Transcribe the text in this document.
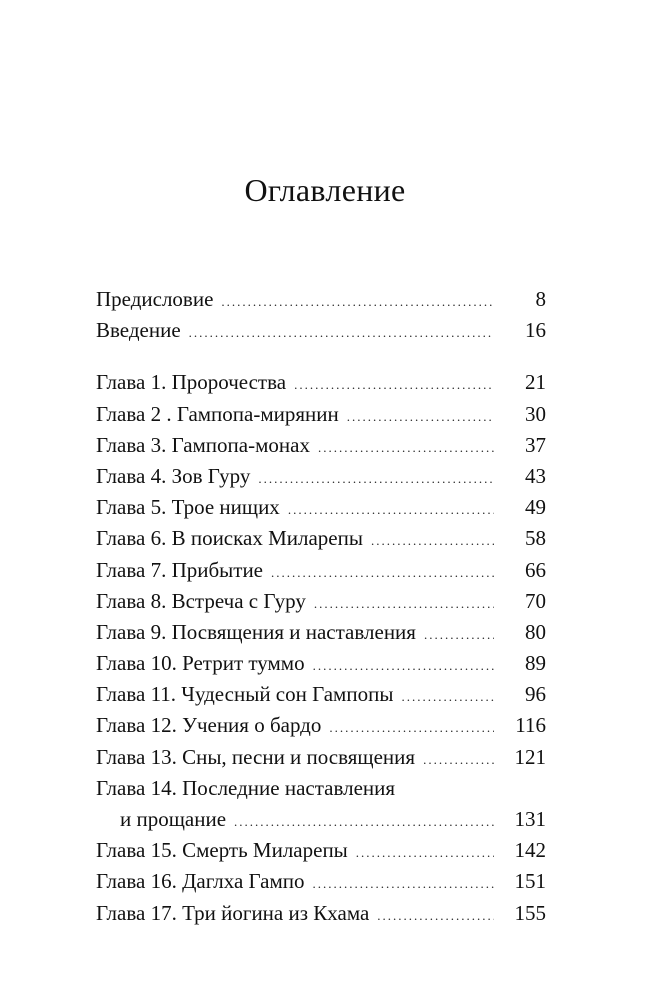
Оглавление
Предисловие .....	8
Введение .....	16
Глава 1. Пророчества .....	21
Глава 2 . Гампопа-мирянин .....	30
Глава 3. Гампопа-монах .....	37
Глава 4. Зов Гуру .....	43
Глава 5. Трое нищих .....	49
Глава 6. В поисках Миларепы .....	58
Глава 7. Прибытие .....	66
Глава 8. Встреча с Гуру .....	70
Глава 9. Посвящения и наставления .....	80
Глава 10. Ретрит туммо .....	89
Глава 11. Чудесный сон Гампопы .....	96
Глава 12. Учения о бардо .....	116
Глава 13. Сны, песни и посвящения .....	121
Глава 14. Последние наставления
и прощание .....	131
Глава 15. Смерть Миларепы .....	142
Глава 16. Даглха Гампо .....	151
Глава 17. Три йогина из Кхама .....	155
